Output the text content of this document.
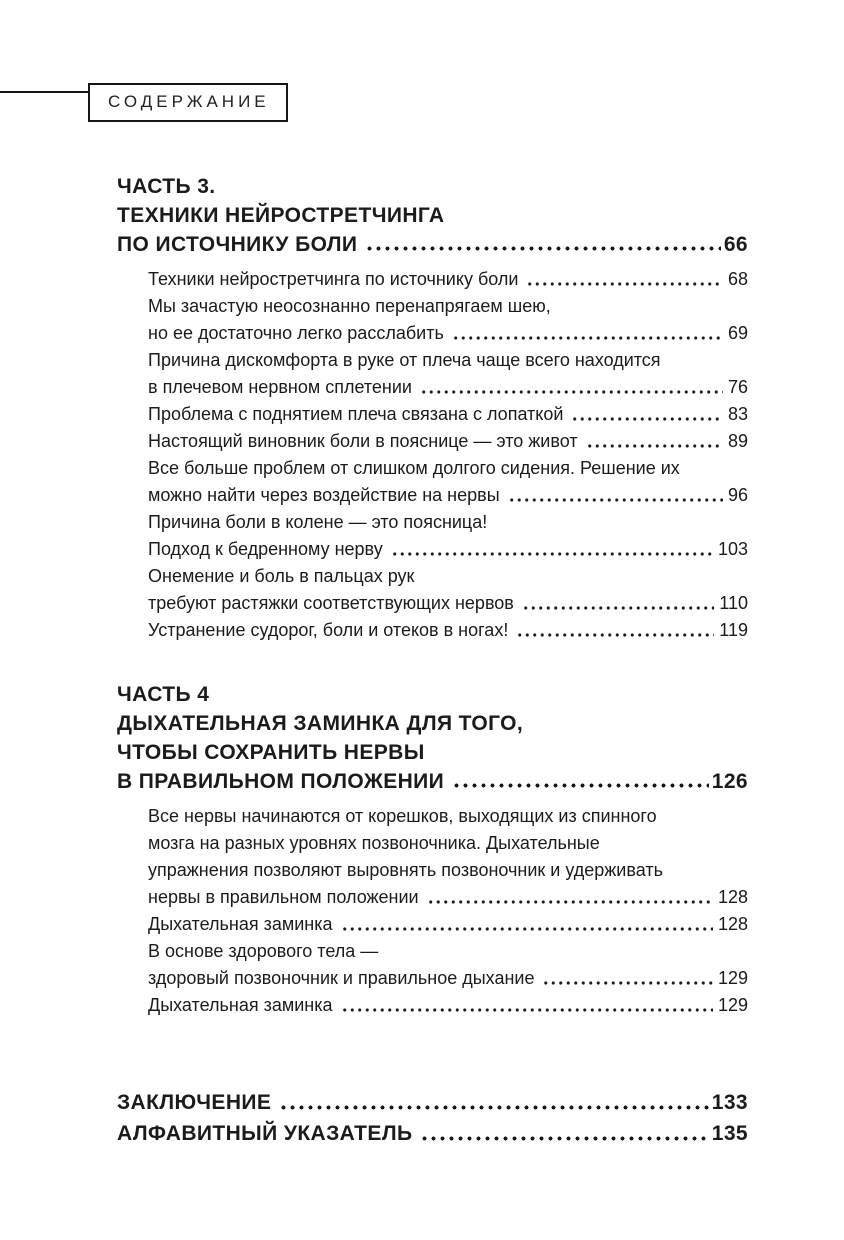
СОДЕРЖАНИЕ
ЧАСТЬ 3.
ТЕХНИКИ НЕЙРОСТРЕТЧИНГА
ПО ИСТОЧНИКУ БОЛИ	66
Техники нейростретчинга по источнику боли	68
Мы зачастую неосознанно перенапрягаем шею,
но ее достаточно легко расслабить	69
Причина дискомфорта в руке от плеча чаще всего находится
в плечевом нервном сплетении	76
Проблема с поднятием плеча связана с лопаткой	83
Настоящий виновник боли в пояснице — это живот	89
Все больше проблем от слишком долгого сидения. Решение их
можно найти через воздействие на нервы	96
Причина боли в колене — это поясница!
Подход к бедренному нерву	103
Онемение и боль в пальцах рук
требуют растяжки соответствующих нервов	110
Устранение судорог, боли и отеков в ногах!	119
ЧАСТЬ 4
ДЫХАТЕЛЬНАЯ ЗАМИНКА ДЛЯ ТОГО,
ЧТОБЫ СОХРАНИТЬ НЕРВЫ
В ПРАВИЛЬНОМ ПОЛОЖЕНИИ	126
Все нервы начинаются от корешков, выходящих из спинного
мозга на разных уровнях позвоночника. Дыхательные
упражнения позволяют выровнять позвоночник и удерживать
нервы в правильном положении	128
Дыхательная заминка	128
В основе здорового тела —
здоровый позвоночник и правильное дыхание	129
Дыхательная заминка	129
ЗАКЛЮЧЕНИЕ	133
АЛФАВИТНЫЙ УКАЗАТЕЛЬ	135
